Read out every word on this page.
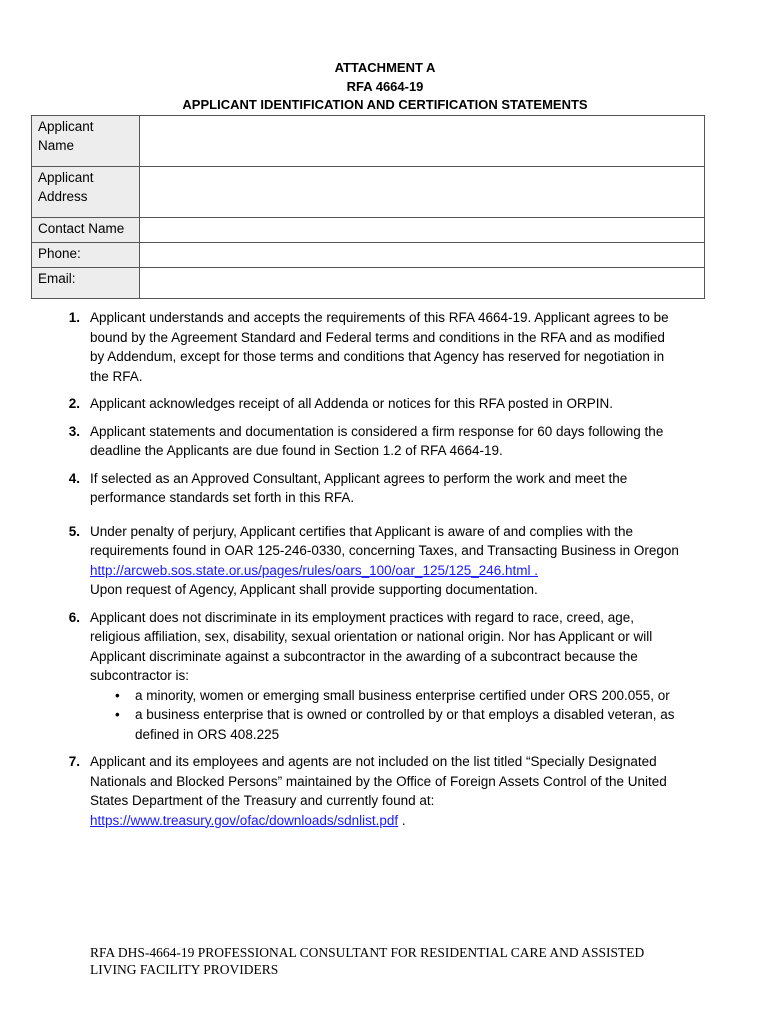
ATTACHMENT A
RFA 4664-19
APPLICANT IDENTIFICATION AND CERTIFICATION STATEMENTS
Applicant Name	
Applicant Address	
Contact Name	
Phone:	
Email:	
1. Applicant understands and accepts the requirements of this RFA 4664-19. Applicant agrees to be bound by the Agreement Standard and Federal terms and conditions in the RFA and as modified by Addendum, except for those terms and conditions that Agency has reserved for negotiation in the RFA.
2. Applicant acknowledges receipt of all Addenda or notices for this RFA posted in ORPIN.
3. Applicant statements and documentation is considered a firm response for 60 days following the deadline the Applicants are due found in Section 1.2 of RFA 4664-19.
4. If selected as an Approved Consultant, Applicant agrees to perform the work and meet the performance standards set forth in this RFA.
5. Under penalty of perjury, Applicant certifies that Applicant is aware of and complies with the requirements found in OAR 125-246-0330, concerning Taxes, and Transacting Business in Oregon http://arcweb.sos.state.or.us/pages/rules/oars_100/oar_125/125_246.html .
Upon request of Agency, Applicant shall provide supporting documentation.
6. Applicant does not discriminate in its employment practices with regard to race, creed, age, religious affiliation, sex, disability, sexual orientation or national origin. Nor has Applicant or will Applicant discriminate against a subcontractor in the awarding of a subcontract because the subcontractor is:
• a minority, women or emerging small business enterprise certified under ORS 200.055, or
• a business enterprise that is owned or controlled by or that employs a disabled veteran, as defined in ORS 408.225
7. Applicant and its employees and agents are not included on the list titled “Specially Designated Nationals and Blocked Persons” maintained by the Office of Foreign Assets Control of the United States Department of the Treasury and currently found at:
https://www.treasury.gov/ofac/downloads/sdnlist.pdf .
RFA DHS-4664-19 PROFESSIONAL CONSULTANT FOR RESIDENTIAL CARE AND ASSISTED LIVING FACILITY PROVIDERS
